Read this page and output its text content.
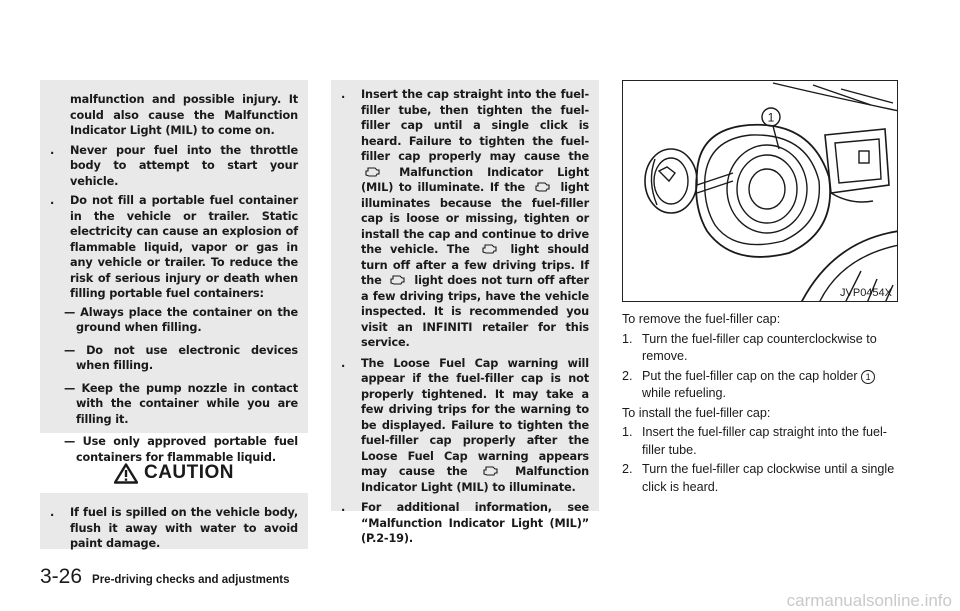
malfunction and possible injury. It could also cause the Malfunction Indicator Light (MIL) to come on.

. Never pour fuel into the throttle body to attempt to start your vehicle.

. Do not fill a portable fuel container in the vehicle or trailer. Static electricity can cause an explosion of flammable liquid, vapor or gas in any vehicle or trailer. To reduce the risk of serious injury or death when filling portable fuel containers:

— Always place the container on the ground when filling.
— Do not use electronic devices when filling.
— Keep the pump nozzle in contact with the container while you are filling it.
— Use only approved portable fuel containers for flammable liquid.
CAUTION
. If fuel is spilled on the vehicle body, flush it away with water to avoid paint damage.

. Insert the cap straight into the fuel-filler tube, then tighten the fuel-filler cap until a single click is heard. Failure to tighten the fuel-filler cap properly may cause the
Malfunction Indicator Light (MIL) to illuminate. If the	light illuminates because the fuel-filler cap is loose or missing, tighten or install the cap and continue to drive the vehicle. The	light should turn off after a few driving trips. If the	light does not turn off after a few driving trips, have the vehicle inspected. It is recommended you visit an INFINITI retailer for this service.

. The Loose Fuel Cap warning will appear if the fuel-filler cap is not properly tightened. It may take a few driving trips for the warning to be displayed. Failure to tighten the fuel-filler cap properly after the Loose Fuel Cap warning appears may cause the	Malfunction Indicator Light (MIL) to illuminate.

. For additional information, see “Malfunction Indicator Light (MIL)” (P.2-19).

1
JVP0454X

To remove the fuel-filler cap:

1. Turn the fuel-filler cap counterclockwise to remove.

2. Put the fuel-filler cap on the cap holder 1 while refueling.

To install the fuel-filler cap:

1. Insert the fuel-filler cap straight into the fuel-filler tube.

2. Turn the fuel-filler cap clockwise until a single click is heard.

3-26 Pre-driving checks and adjustments
carmanualsonline.info
